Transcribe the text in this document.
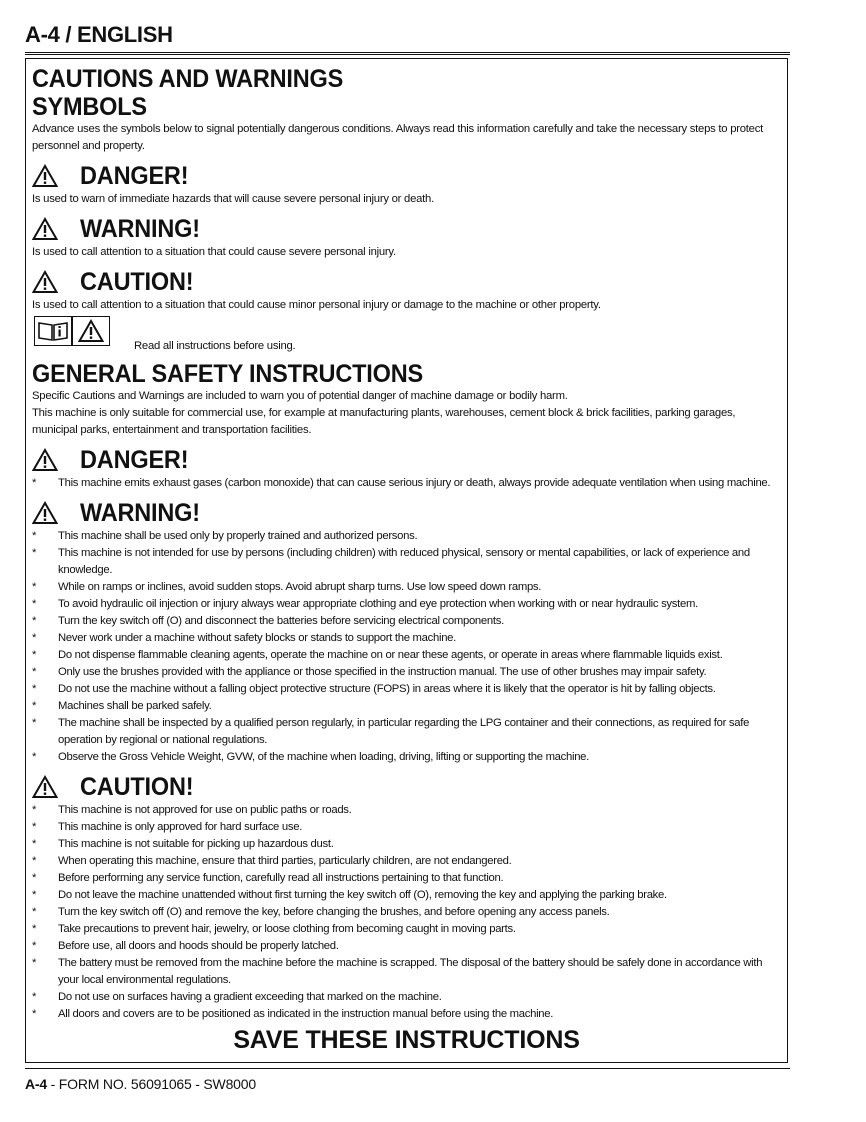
A-4 / ENGLISH
CAUTIONS AND WARNINGS
SYMBOLS

Advance uses the symbols below to signal potentially dangerous conditions. Always read this information carefully and take the necessary steps to protect personnel and property.

DANGER!

Is used to warn of immediate hazards that will cause severe personal injury or death.

WARNING!

Is used to call attention to a situation that could cause severe personal injury.

CAUTION!

Is used to call attention to a situation that could cause minor personal injury or damage to the machine or other property.

Read all instructions before using.
GENERAL SAFETY INSTRUCTIONS

Specific Cautions and Warnings are included to warn you of potential danger of machine damage or bodily harm.

This machine is only suitable for commercial use, for example at manufacturing plants, warehouses, cement block & brick facilities, parking garages, municipal parks, entertainment and transportation facilities.

DANGER!
* This machine emits exhaust gases (carbon monoxide) that can cause serious injury or death, always provide adequate ventilation when using machine.
WARNING!
* This machine shall be used only by properly trained and authorized persons.
* This machine is not intended for use by persons (including children) with reduced physical, sensory or mental capabilities, or lack of experience and knowledge.
* While on ramps or inclines, avoid sudden stops. Avoid abrupt sharp turns. Use low speed down ramps.
* To avoid hydraulic oil injection or injury always wear appropriate clothing and eye protection when working with or near hydraulic system.
* Turn the key switch off (O) and disconnect the batteries before servicing electrical components.
* Never work under a machine without safety blocks or stands to support the machine.
* Do not dispense flammable cleaning agents, operate the machine on or near these agents, or operate in areas where flammable liquids exist.
* Only use the brushes provided with the appliance or those specified in the instruction manual. The use of other brushes may impair safety.
* Do not use the machine without a falling object protective structure (FOPS) in areas where it is likely that the operator is hit by falling objects.
* Machines shall be parked safely.
* The machine shall be inspected by a qualified person regularly, in particular regarding the LPG container and their connections, as required for safe operation by regional or national regulations.
* Observe the Gross Vehicle Weight, GVW, of the machine when loading, driving, lifting or supporting the machine.
CAUTION!
* This machine is not approved for use on public paths or roads.
* This machine is only approved for hard surface use.
* This machine is not suitable for picking up hazardous dust.
* When operating this machine, ensure that third parties, particularly children, are not endangered.
* Before performing any service function, carefully read all instructions pertaining to that function.
* Do not leave the machine unattended without first turning the key switch off (O), removing the key and applying the parking brake.
* Turn the key switch off (O) and remove the key, before changing the brushes, and before opening any access panels.
* Take precautions to prevent hair, jewelry, or loose clothing from becoming caught in moving parts.
* Before use, all doors and hoods should be properly latched.
* The battery must be removed from the machine before the machine is scrapped. The disposal of the battery should be safely done in accordance with your local environmental regulations.
* Do not use on surfaces having a gradient exceeding that marked on the machine.
* All doors and covers are to be positioned as indicated in the instruction manual before using the machine.
SAVE THESE INSTRUCTIONS
A-4 - FORM NO. 56091065 - SW8000
